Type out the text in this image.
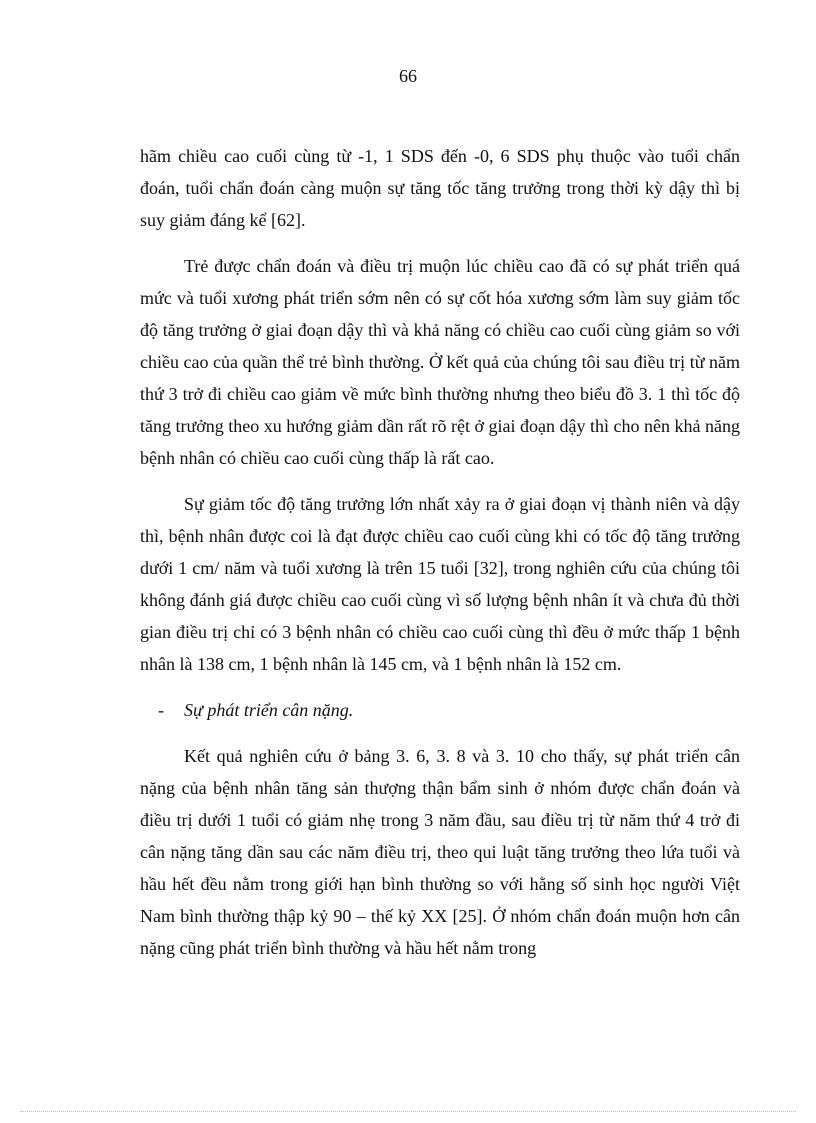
66

hãm chiều cao cuối cùng từ -1, 1 SDS đến -0, 6 SDS phụ thuộc vào tuổi chẩn đoán, tuổi chẩn đoán càng muộn sự tăng tốc tăng trưởng trong thời kỳ dậy thì bị suy giảm đáng kể [62].

Trẻ được chẩn đoán và điều trị muộn lúc chiều cao đã có sự phát triển quá mức và tuổi xương phát triển sớm nên có sự cốt hóa xương sớm làm suy giảm tốc độ tăng trưởng ở giai đoạn dậy thì và khả năng có chiều cao cuối cùng giảm so với chiều cao của quần thể trẻ bình thường. Ở kết quả của chúng tôi sau điều trị từ năm thứ 3 trở đi chiều cao giảm về mức bình thường nhưng theo biểu đồ 3. 1 thì tốc độ tăng trưởng theo xu hướng giảm dần rất rõ rệt ở giai đoạn dậy thì cho nên khả năng bệnh nhân có chiều cao cuối cùng thấp là rất cao.

Sự giảm tốc độ tăng trưởng lớn nhất xảy ra ở giai đoạn vị thành niên và dậy thì, bệnh nhân được coi là đạt được chiều cao cuối cùng khi có tốc độ tăng trưởng dưới 1 cm/ năm và tuổi xương là trên 15 tuổi [32], trong nghiên cứu của chúng tôi không đánh giá được chiều cao cuối cùng vì số lượng bệnh nhân ít và chưa đủ thời gian điều trị chỉ có 3 bệnh nhân có chiều cao cuối cùng thì đều ở mức thấp 1 bệnh nhân là 138 cm, 1 bệnh nhân là 145 cm, và 1 bệnh nhân là 152 cm.

-	Sự phát triển cân nặng.

Kết quả nghiên cứu ở bảng 3. 6, 3. 8 và 3. 10 cho thấy, sự phát triển cân nặng của bệnh nhân tăng sản thượng thận bẩm sinh ở nhóm được chẩn đoán và điều trị dưới 1 tuổi có giảm nhẹ trong 3 năm đầu, sau điều trị từ năm thứ 4 trở đi cân nặng tăng dần sau các năm điều trị, theo qui luật tăng trưởng theo lứa tuổi và hầu hết đều nằm trong giới hạn bình thường so với hằng số sinh học người Việt Nam bình thường thập kỷ 90 – thế kỷ XX [25]. Ở nhóm chẩn đoán muộn hơn cân nặng cũng phát triển bình thường và hầu hết nằm trong
